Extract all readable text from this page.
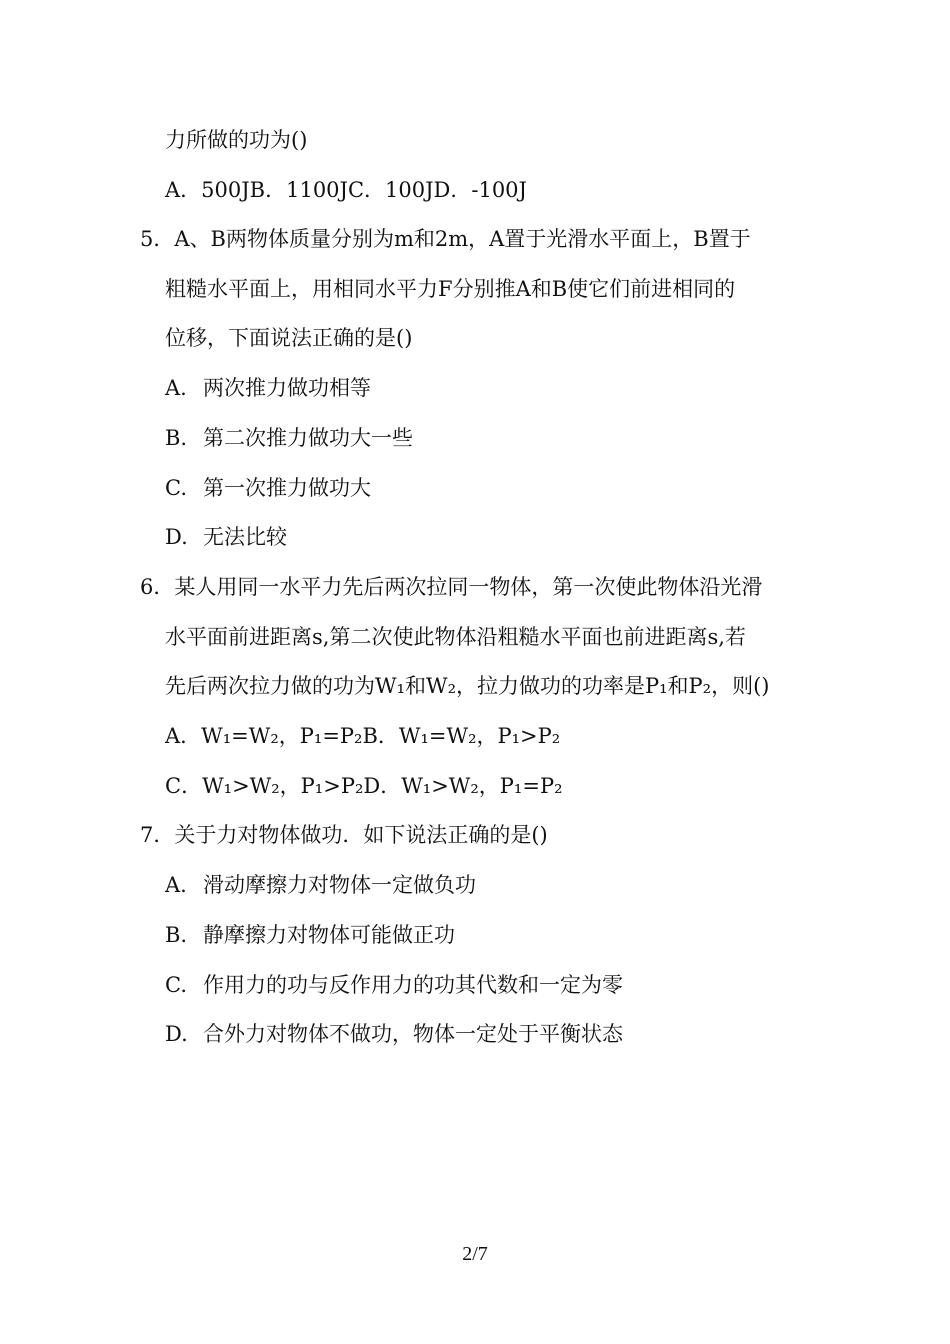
力所做的功为()
A．500JB．1100JC．100JD．-100J
5．A、B两物体质量分别为m和2m，A置于光滑水平面上，B置于
粗糙水平面上，用相同水平力F分别推A和B使它们前进相同的
位移，下面说法正确的是()
A. 两次推力做功相等
B. 第二次推力做功大一些
C. 第一次推力做功大
D. 无法比较
6．某人用同一水平力先后两次拉同一物体，第一次使此物体沿光滑
水平面前进距离s,第二次使此物体沿粗糙水平面也前进距离s,若
先后两次拉力做的功为W₁和W₂，拉力做功的功率是P₁和P₂，则()
A．W₁=W₂，P₁=P₂B．W₁=W₂，P₁>P₂
C．W₁>W₂，P₁>P₂D．W₁>W₂，P₁=P₂
7．关于力对物体做功．如下说法正确的是()
A. 滑动摩擦力对物体一定做负功
B. 静摩擦力对物体可能做正功
C. 作用力的功与反作用力的功其代数和一定为零
D. 合外力对物体不做功，物体一定处于平衡状态
2/7
